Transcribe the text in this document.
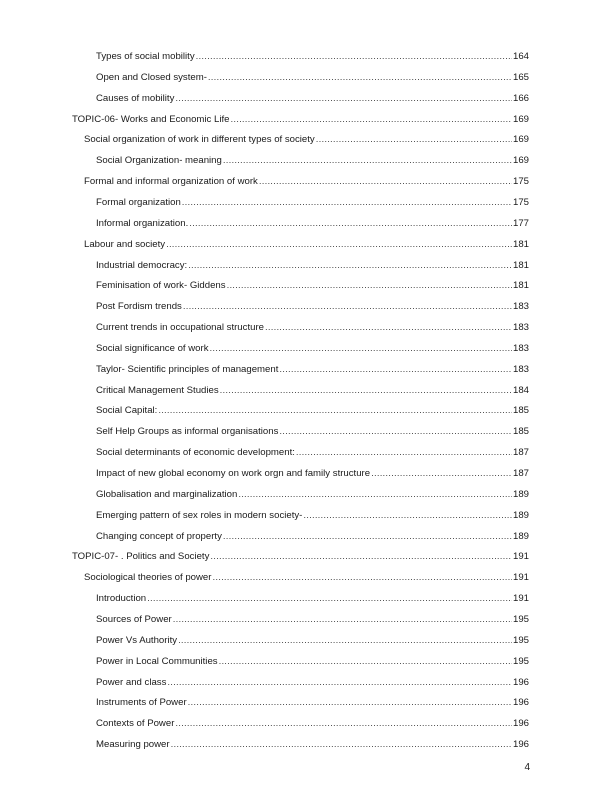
Types of social mobility .....	164
Open and Closed system- .....	165
Causes of mobility .....	166
TOPIC-06- Works and Economic Life .....	169
Social organization of work in different types of society .....	169
Social Organization- meaning .....	169
Formal and informal organization of work .....	175
Formal organization .....	175
Informal organization. .....	177
Labour and society .....	181
Industrial democracy: .....	181
Feminisation of work- Giddens .....	181
Post Fordism trends .....	183
Current trends in occupational structure .....	183
Social significance of work .....	183
Taylor- Scientific principles of management .....	183
Critical Management Studies .....	184
Social Capital: .....	185
Self Help Groups as informal organisations .....	185
Social determinants of economic development: .....	187
Impact of new global economy on work orgn and family structure .....	187
Globalisation and marginalization .....	189
Emerging pattern of sex roles in modern society- .....	189
Changing concept of property .....	189
TOPIC-07- . Politics and Society .....	191
Sociological theories of power .....	191
Introduction .....	191
Sources of Power .....	195
Power Vs Authority .....	195
Power in Local Communities .....	195
Power and class .....	196
Instruments of Power .....	196
Contexts of Power .....	196
Measuring power .....	196
4
